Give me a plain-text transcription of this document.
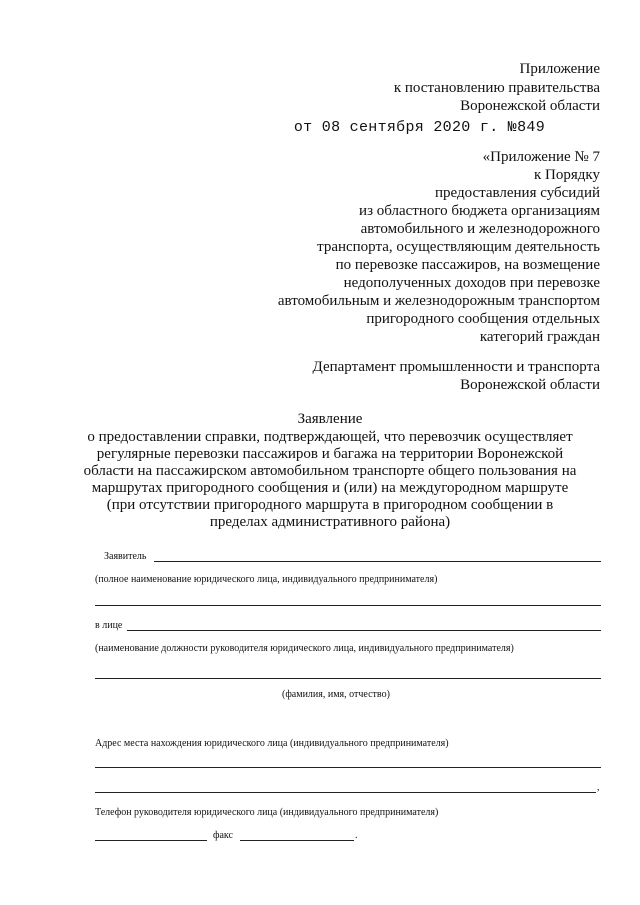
Приложение
к постановлению правительства
Воронежской области
от 08 сентября 2020 г. №849
«Приложение № 7
к Порядку
предоставления субсидий
из областного бюджета организациям
автомобильного и железнодорожного
транспорта, осуществляющим деятельность
по перевозке пассажиров, на возмещение
недополученных доходов при перевозке
автомобильным и железнодорожным транспортом
пригородного сообщения отдельных
категорий граждан
Департамент промышленности и транспорта
Воронежской области
Заявление
о предоставлении справки, подтверждающей, что перевозчик осуществляет
регулярные перевозки пассажиров и багажа на территории Воронежской
области на пассажирском автомобильном транспорте общего пользования на
маршрутах пригородного сообщения и (или) на междугородном маршруте
(при отсутствии пригородного маршрута в пригородном сообщении в
пределах административного района)
Заявитель
(полное наименование юридического лица, индивидуального предпринимателя)
в лице
(наименование должности руководителя юридического лица, индивидуального предпринимателя)
(фамилия, имя, отчество)
Адрес места нахождения юридического лица (индивидуального предпринимателя)
,
Телефон руководителя юридического лица (индивидуального предпринимателя)
факс	.
